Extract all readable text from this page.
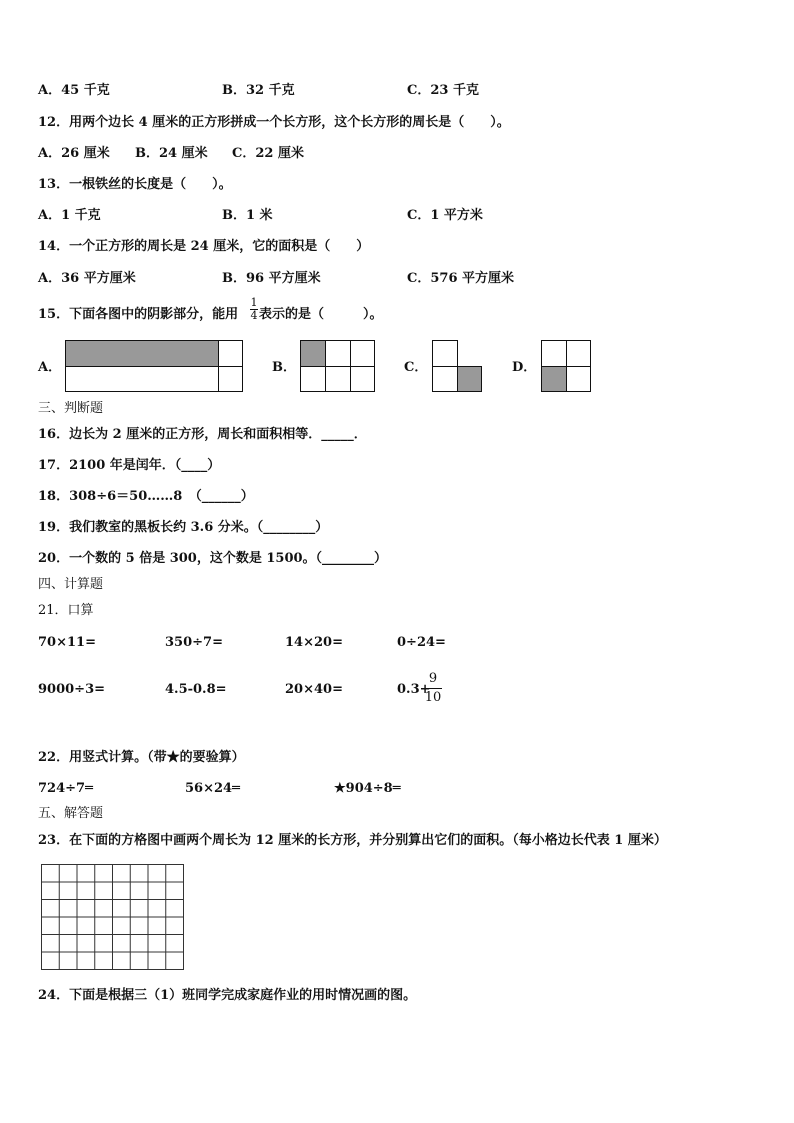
A．45 千克	B．32 千克	C．23 千克
12．用两个边长 4 厘米的正方形拼成一个长方形，这个长方形的周长是（　　）。
A．26 厘米 B．24 厘米 C．22 厘米
13．一根铁丝的长度是（　　）。
A．1 千克	B．1 米	C．1 平方米
14．一个正方形的周长是 24 厘米，它的面积是（　　）
A．36 平方厘米	B．96 平方厘米	C．576 平方厘米
15．下面各图中的阴影部分，能用
1
4 表示的是（　　　）。
A．	B．	C．	D．
三、判断题
16．边长为 2 厘米的正方形，周长和面积相等．_____．
17．2100 年是闰年．（____）
18．308÷6＝50……8　（______）
19．我们教室的黑板长约 3.6 分米。（________）
20．一个数的 5 倍是 300，这个数是 1500。（________）
四、计算题
21．口算
70×11=	350÷7=	14×20=	0÷24=
9000÷3=	4.5-0.8=	20×40=	0.3+
9
10
22．用竖式计算。（带★的要验算）
724÷7═	56×24═	★904÷8═
五、解答题
23．在下面的方格图中画两个周长为 12 厘米的长方形，并分别算出它们的面积。（每小格边长代表 1 厘米）
24．下面是根据三（1）班同学完成家庭作业的用时情况画的图。
